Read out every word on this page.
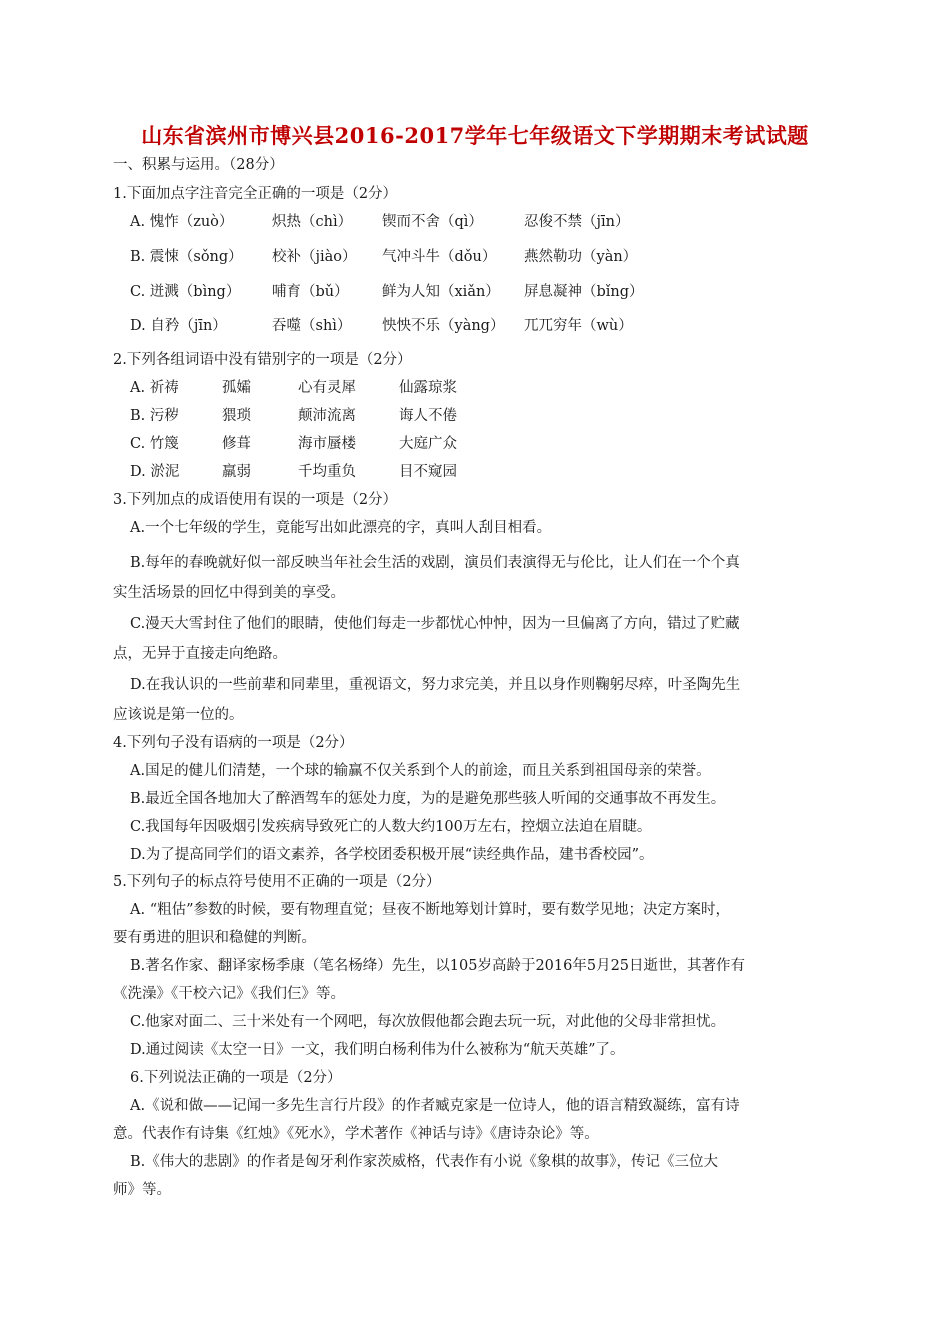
山东省滨州市博兴县2016-2017学年七年级语文下学期期末考试试题
一、积累与运用。（28分）
1.下面加点字注音完全正确的一项是（2分）
A. 愧怍（zuò）	炽热（chì） 锲而不舍（qì）	忍俊不禁（jīn）
B. 震悚（sǒng） 校补（jiào） 气冲斗牛（dǒu） 燕然勒功（yàn）
C. 迸溅（bìng） 哺育（bǔ） 鲜为人知（xiǎn） 屏息凝神（bǐng）
D. 自矜（jīn）	吞噬（shì） 怏怏不乐（yàng） 兀兀穷年（wù）
2.下列各组词语中没有错别字的一项是（2分）
A. 祈祷	孤孀	心有灵犀	仙露琼浆
B. 污秽	猥琐	颠沛流离	诲人不倦
C. 竹篾	修葺	海市蜃楼	大庭广众
D. 淤泥	羸弱	千均重负	目不窥园
3.下列加点的成语使用有误的一项是（2分）
A.一个七年级的学生，竟能写出如此漂亮的字，真叫人刮目相看。
B.每年的春晚就好似一部反映当年社会生活的戏剧，演员们表演得无与伦比，让人们在一个个真
实生活场景的回忆中得到美的享受。
C.漫天大雪封住了他们的眼睛，使他们每走一步都忧心忡忡，因为一旦偏离了方向，错过了贮藏
点，无异于直接走向绝路。
D.在我认识的一些前辈和同辈里，重视语文，努力求完美，并且以身作则鞠躬尽瘁，叶圣陶先生
应该说是第一位的。
4.下列句子没有语病的一项是（2分）
A.国足的健儿们清楚，一个球的输赢不仅关系到个人的前途，而且关系到祖国母亲的荣誉。
B.最近全国各地加大了醉酒驾车的惩处力度，为的是避免那些骇人听闻的交通事故不再发生。
C.我国每年因吸烟引发疾病导致死亡的人数大约100万左右，控烟立法迫在眉睫。
D.为了提高同学们的语文素养，各学校团委积极开展“读经典作品，建书香校园”。
5.下列句子的标点符号使用不正确的一项是（2分）
A. “粗估”参数的时候，要有物理直觉；昼夜不断地筹划计算时，要有数学见地；决定方案时，
要有勇进的胆识和稳健的判断。
B.著名作家、翻译家杨季康（笔名杨绛）先生，以105岁高龄于2016年5月25日逝世，其著作有
《洗澡》《干校六记》《我们仨》等。
C.他家对面二、三十米处有一个网吧，每次放假他都会跑去玩一玩，对此他的父母非常担忧。
D.通过阅读《太空一日》一文，我们明白杨利伟为什么被称为“航天英雄”了。
6.下列说法正确的一项是（2分）
A.《说和做——记闻一多先生言行片段》的作者臧克家是一位诗人，他的语言精致凝练，富有诗
意。代表作有诗集《红烛》《死水》，学术著作《神话与诗》《唐诗杂论》等。
B.《伟大的悲剧》的作者是匈牙利作家茨威格，代表作有小说《象棋的故事》，传记《三位大
师》等。
